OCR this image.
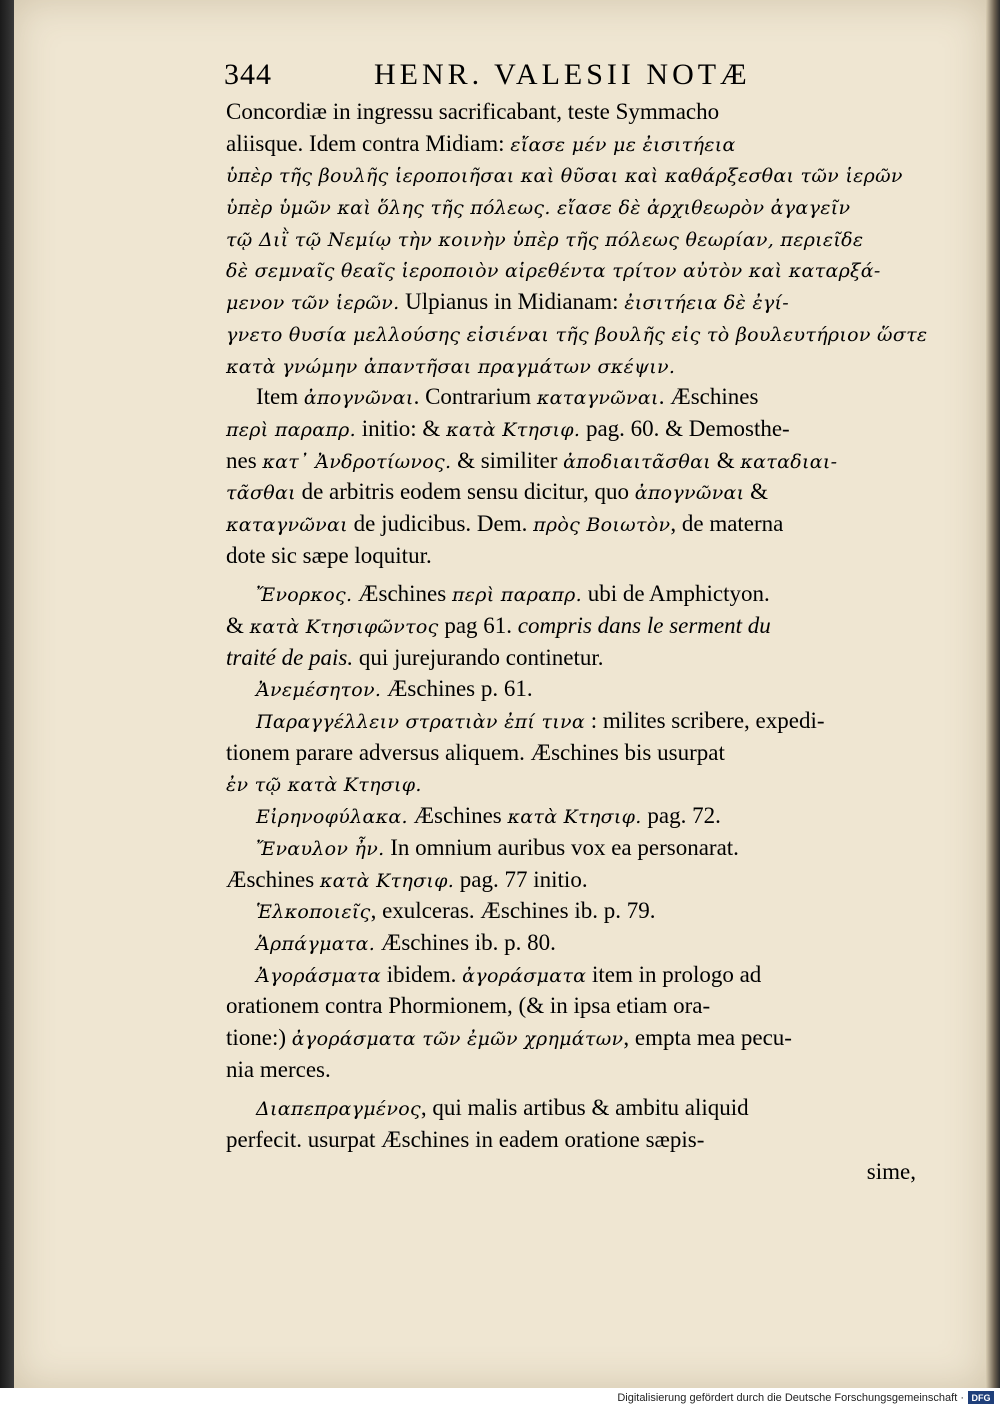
344	HENR. VALESII NOTÆ
Concordiæ in ingressu sacrificabant, teste Symmacho
aliisque. Idem contra Midiam: εἴασε μέν με ἐισιτήεια
ὑπὲρ τῆς βουλῆς ἱεροποιῆσαι καὶ θῦσαι καὶ καθάρξεσθαι τῶν ἱερῶν
ὑπὲρ ὑμῶν καὶ ὅλης τῆς πόλεως. εἴασε δὲ ἀρχιθεωρὸν ἀγαγεῖν
τῷ Διῒ τῷ Νεμίῳ τὴν κοινὴν ὑπὲρ τῆς πόλεως θεωρίαν, περιεῖδε
δὲ σεμναῖς θεαῖς ἱεροποιὸν αἱρεθέντα τρίτον αὐτὸν καὶ καταρξά-
μενον τῶν ἱερῶν. Ulpianus in Midianam: ἐισιτήεια δὲ ἐγί-
γνετο θυσία μελλούσης εἰσιέναι τῆς βουλῆς εἰς τὸ βουλευτήριον ὥστε
κατὰ γνώμην ἀπαντῆσαι πραγμάτων σκέψιν.
Item ἀπογνῶναι. Contrarium καταγνῶναι. Æschines
περὶ παραπρ. initio: & κατὰ Κτησιφ. pag. 60. & Demosthe-
nes κατ᾽ Ἀνδροτίωνος. & similiter ἀποδιαιτᾶσθαι & καταδιαι-
τᾶσθαι de arbitris eodem sensu dicitur, quo ἀπογνῶναι &
καταγνῶναι de judicibus. Dem. πρὸς Βοιωτὸν, de materna
dote sic sæpe loquitur.
Ἔνορκος. Æschines περὶ παραπρ. ubi de Amphictyon.
& κατὰ Κτησιφῶντος pag 61. compris dans le serment du
traité de pais. qui jurejurando continetur.
Ἀνεμέσητον. Æschines p. 61.
Παραγγέλλειν στρατιὰν ἐπί τινα : milites scribere, expedi-
tionem parare adversus aliquem. Æschines bis usurpat
ἐν τῷ κατὰ Κτησιφ.
Εἰρηνοφύλακα. Æschines κατὰ Κτησιφ. pag. 72.
Ἔναυλον ἦν. In omnium auribus vox ea personarat.
Æschines κατὰ Κτησιφ. pag. 77 initio.
Ἑλκοποιεῖς, exulceras. Æschines ib. p. 79.
Ἁρπάγματα. Æschines ib. p. 80.
Ἀγοράσματα ibidem. ἀγοράσματα item in prologo ad
orationem contra Phormionem, (& in ipsa etiam ora-
tione:) ἀγοράσματα τῶν ἐμῶν χρημάτων, empta mea pecu-
nia merces.
Διαπεπραγμένος, qui malis artibus & ambitu aliquid
perfecit. usurpat Æschines in eadem oratione sæpis-
sime,
Digitalisierung gefördert durch die Deutsche Forschungsgemeinschaft · DFG
